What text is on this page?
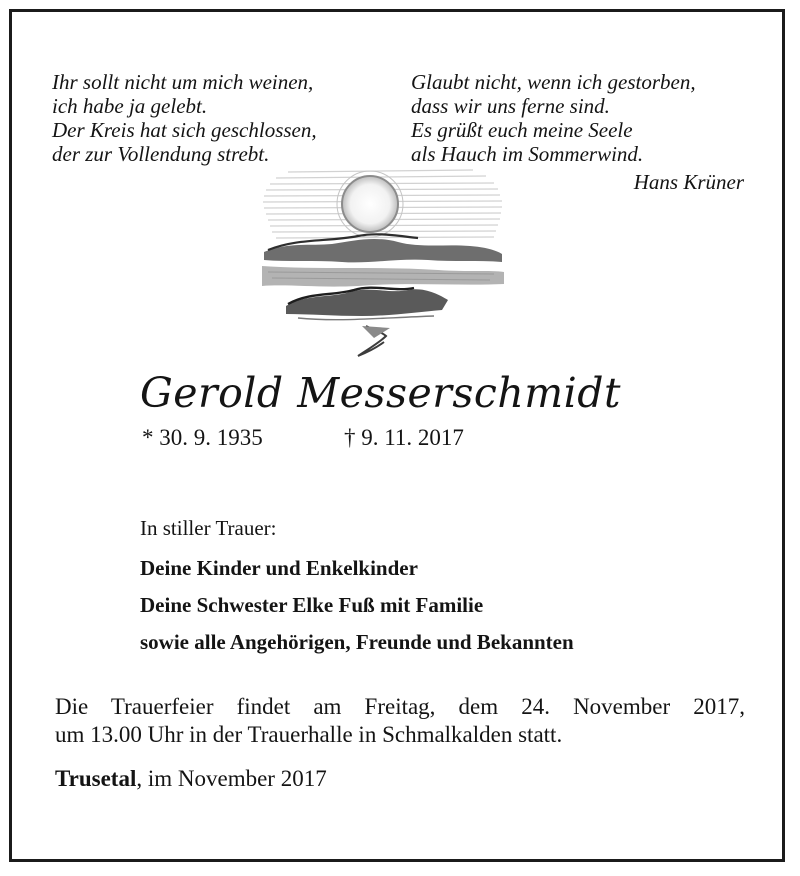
Ihr sollt nicht um mich weinen,
ich habe ja gelebt.
Der Kreis hat sich geschlossen,
der zur Vollendung strebt.
Glaubt nicht, wenn ich gestorben,
dass wir uns ferne sind.
Es grüßt euch meine Seele
als Hauch im Sommerwind.
Hans Krüner
Gerold Messerschmidt
* 30. 9. 1935	† 9. 11. 2017
In stiller Trauer:
Deine Kinder und Enkelkinder
Deine Schwester Elke Fuß mit Familie
sowie alle Angehörigen, Freunde und Bekannten
Die Trauerfeier findet am Freitag, dem 24. November 2017,
um 13.00 Uhr in der Trauerhalle in Schmalkalden statt.
Trusetal, im November 2017
